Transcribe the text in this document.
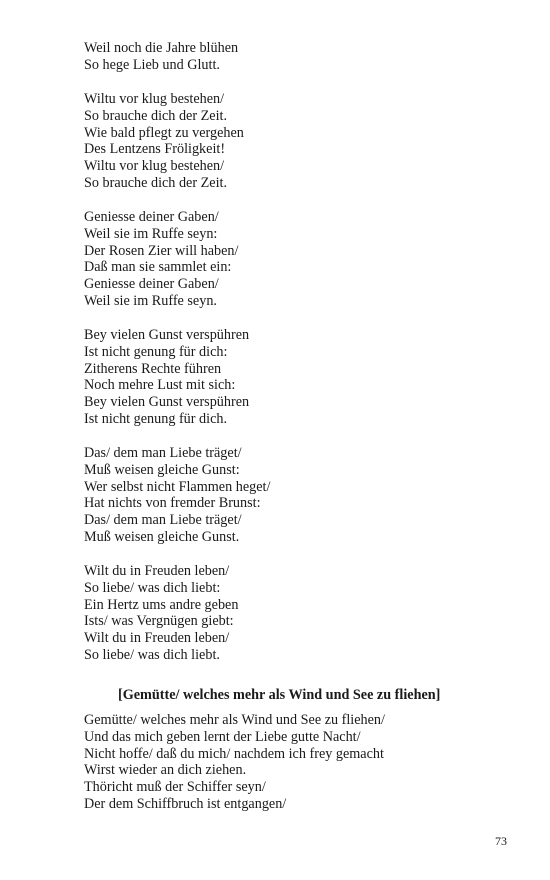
Weil noch die Jahre blühen
So hege Lieb und Glutt.
Wiltu vor klug bestehen/
So brauche dich der Zeit.
Wie bald pflegt zu vergehen
Des Lentzens Fröligkeit!
Wiltu vor klug bestehen/
So brauche dich der Zeit.
Geniesse deiner Gaben/
Weil sie im Ruffe seyn:
Der Rosen Zier will haben/
Daß man sie sammlet ein:
Geniesse deiner Gaben/
Weil sie im Ruffe seyn.
Bey vielen Gunst verspühren
Ist nicht genung für dich:
Zitherens Rechte führen
Noch mehre Lust mit sich:
Bey vielen Gunst verspühren
Ist nicht genung für dich.
Das/ dem man Liebe träget/
Muß weisen gleiche Gunst:
Wer selbst nicht Flammen heget/
Hat nichts von fremder Brunst:
Das/ dem man Liebe träget/
Muß weisen gleiche Gunst.
Wilt du in Freuden leben/
So liebe/ was dich liebt:
Ein Hertz ums andre geben
Ists/ was Vergnügen giebt:
Wilt du in Freuden leben/
So liebe/ was dich liebt.
[Gemütte/ welches mehr als Wind und See zu fliehen]
Gemütte/ welches mehr als Wind und See zu fliehen/
Und das mich geben lernt der Liebe gutte Nacht/
Nicht hoffe/ daß du mich/ nachdem ich frey gemacht
Wirst wieder an dich ziehen.
Thöricht muß der Schiffer seyn/
Der dem Schiffbruch ist entgangen/
73
